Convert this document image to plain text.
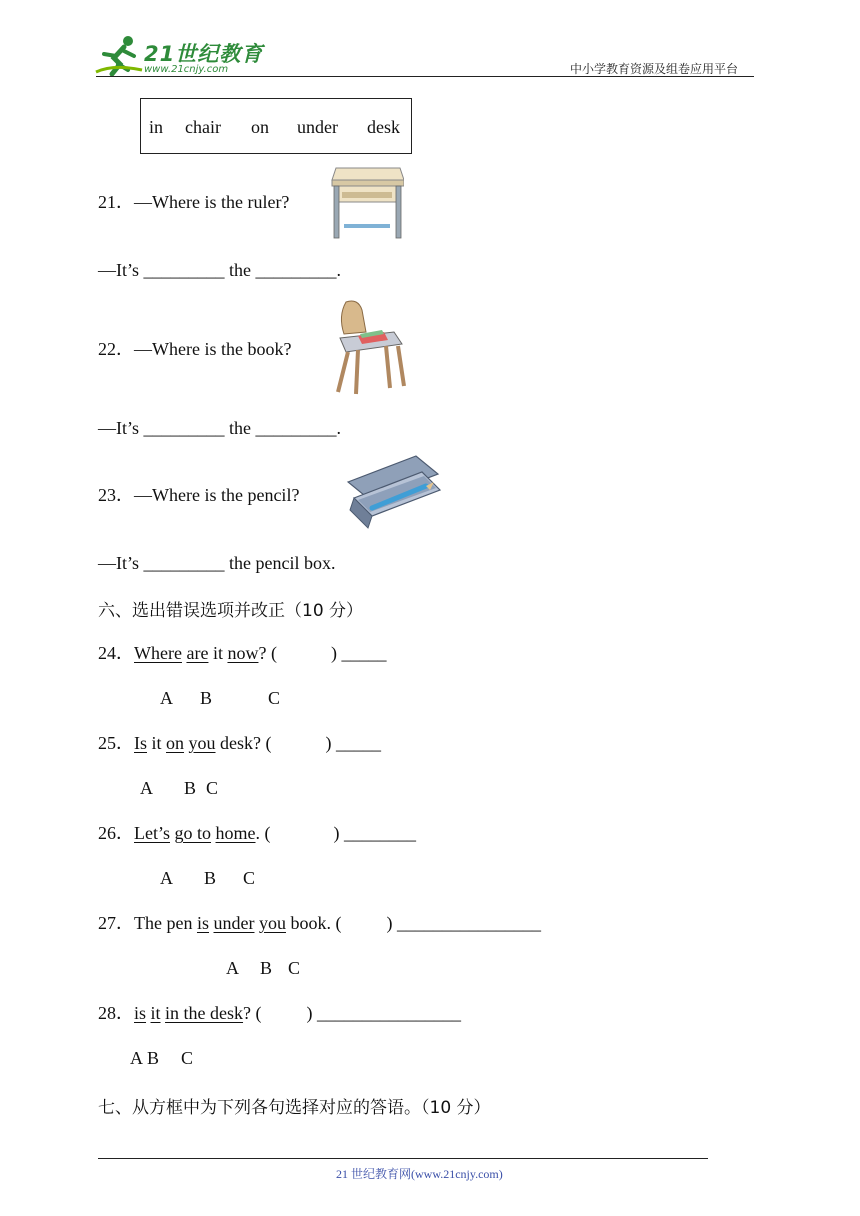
21世纪教育
www.21cnjy.com	中小学教育资源及组卷应用平台
in chair on under desk
21．—Where is the ruler?
—It’s _________ the _________.
22．—Where is the book?
—It’s _________ the _________.
23．—Where is the pencil?
—It’s _________ the pencil box.
六、选出错误选项并改正（10 分）
24．Where are it now? (            ) _____
A B	C
25．Is it on you desk? (            ) _____
A B C
26．Let’s go to home. (              ) ________
A B C
27．The pen is under you book. (          ) ________________
A B C
28．is it in the desk? (          ) ________________
A B C
七、从方框中为下列各句选择对应的答语。（10 分）
21 世纪教育网(www.21cnjy.com)
